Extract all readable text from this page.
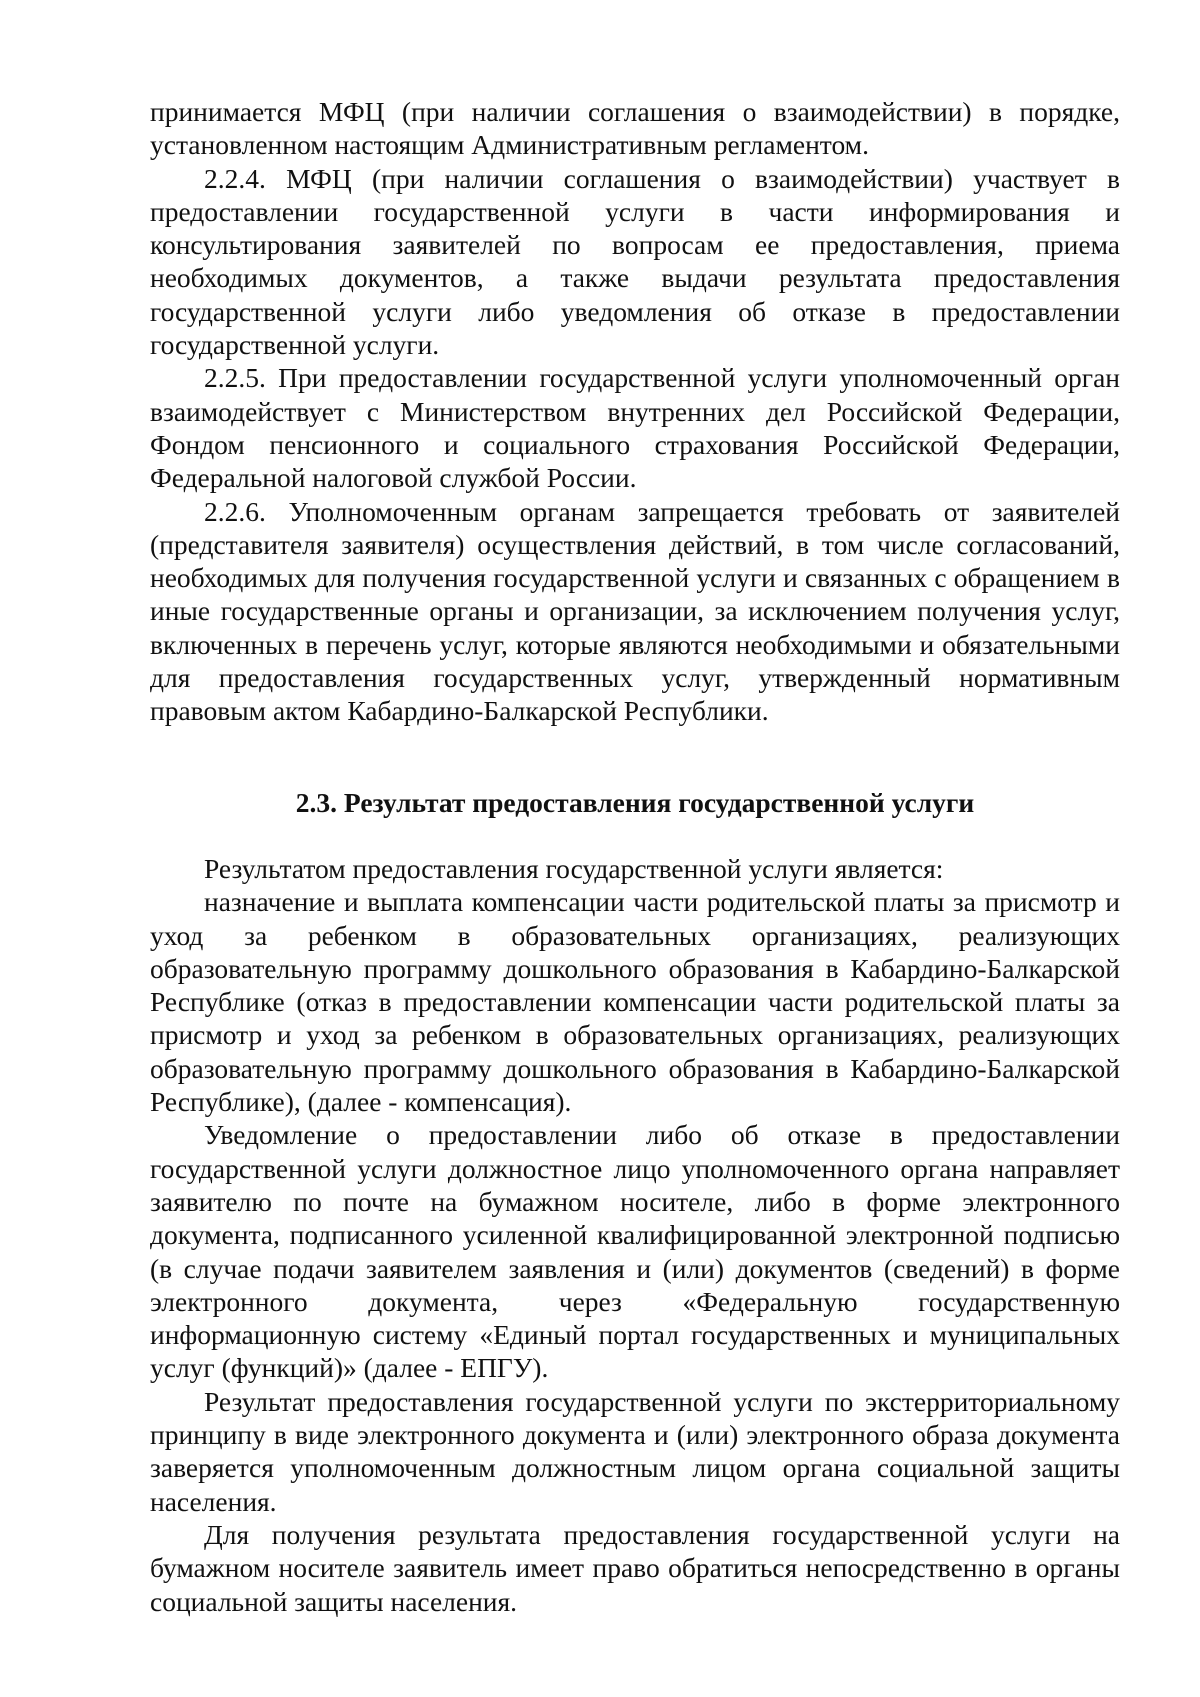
принимается МФЦ (при наличии соглашения о взаимодействии) в порядке, установленном настоящим Административным регламентом.

2.2.4. МФЦ (при наличии соглашения о взаимодействии) участвует в предоставлении государственной услуги в части информирования и консультирования заявителей по вопросам ее предоставления, приема необходимых документов, а также выдачи результата предоставления государственной услуги либо уведомления об отказе в предоставлении государственной услуги.

2.2.5. При предоставлении государственной услуги уполномоченный орган взаимодействует с Министерством внутренних дел Российской Федерации, Фондом пенсионного и социального страхования Российской Федерации, Федеральной налоговой службой России.

2.2.6. Уполномоченным органам запрещается требовать от заявителей (представителя заявителя) осуществления действий, в том числе согласований, необходимых для получения государственной услуги и связанных с обращением в иные государственные органы и организации, за исключением получения услуг, включенных в перечень услуг, которые являются необходимыми и обязательными для предоставления государственных услуг, утвержденный нормативным правовым актом Кабардино-Балкарской Республики.

2.3. Результат предоставления государственной услуги

Результатом предоставления государственной услуги является:

назначение и выплата компенсации части родительской платы за присмотр и уход за ребенком в образовательных организациях, реализующих образовательную программу дошкольного образования в Кабардино-Балкарской Республике (отказ в предоставлении компенсации части родительской платы за присмотр и уход за ребенком в образовательных организациях, реализующих образовательную программу дошкольного образования в Кабардино-Балкарской Республике), (далее - компенсация).

Уведомление о предоставлении либо об отказе в предоставлении государственной услуги должностное лицо уполномоченного органа направляет заявителю по почте на бумажном носителе, либо в форме электронного документа, подписанного усиленной квалифицированной электронной подписью (в случае подачи заявителем заявления и (или) документов (сведений) в форме электронного документа, через «Федеральную государственную информационную систему «Единый портал государственных и муниципальных услуг (функций)» (далее - ЕПГУ).

Результат предоставления государственной услуги по экстерриториальному принципу в виде электронного документа и (или) электронного образа документа заверяется уполномоченным должностным лицом органа социальной защиты населения.

Для получения результата предоставления государственной услуги на бумажном носителе заявитель имеет право обратиться непосредственно в органы социальной защиты населения.
